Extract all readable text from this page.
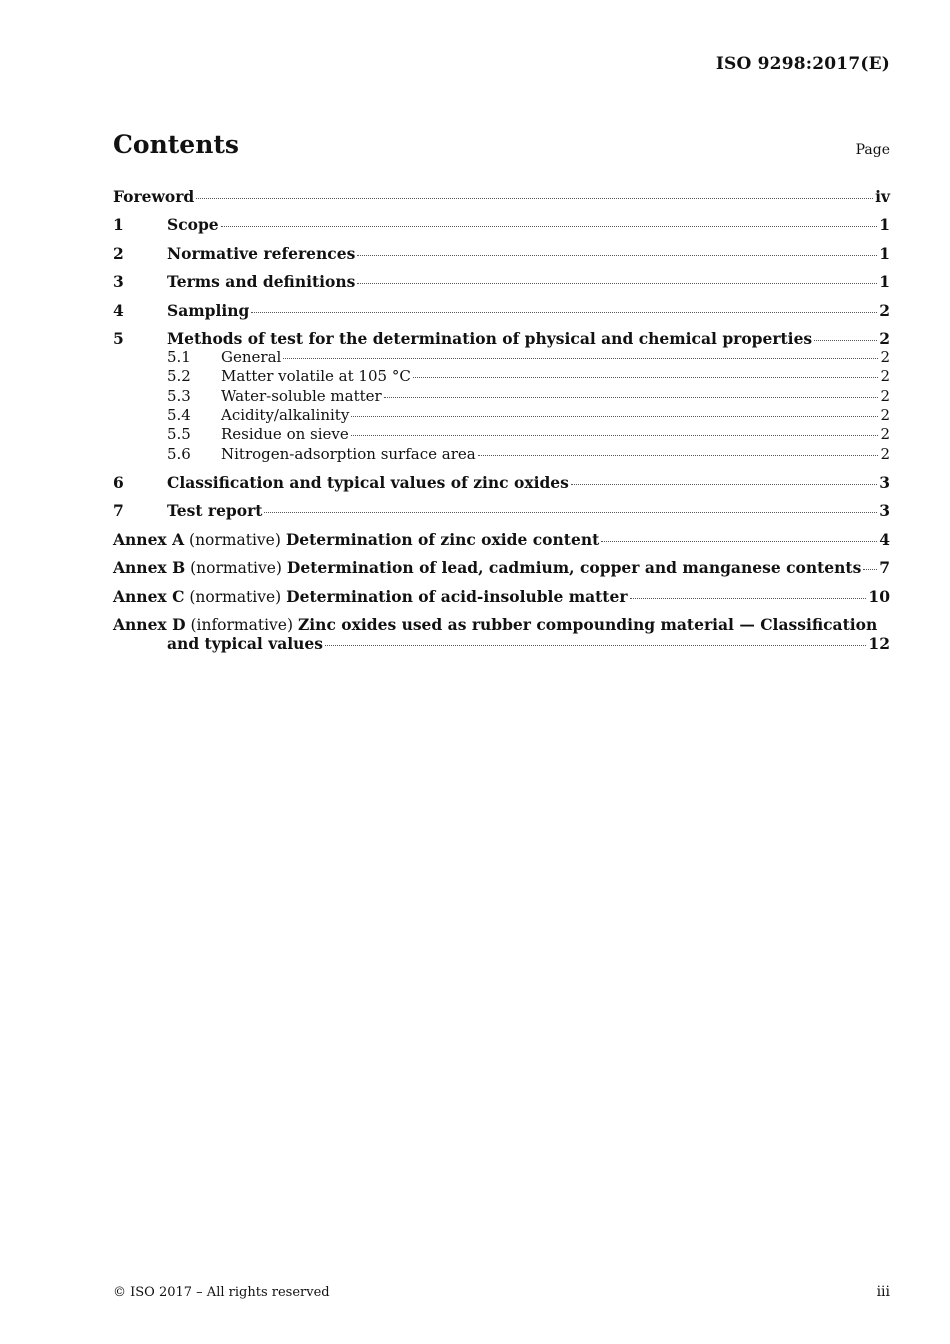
ISO 9298:2017(E)
Contents	Page
Foreword	iv
1	Scope	1
2	Normative references	1
3	Terms and definitions	1
4	Sampling	2
5	Methods of test for the determination of physical and chemical properties	2
5.1	General	2
5.2	Matter volatile at 105 °C	2
5.3	Water-soluble matter	2
5.4	Acidity/alkalinity	2
5.5	Residue on sieve	2
5.6	Nitrogen-adsorption surface area	2
6	Classification and typical values of zinc oxides	3
7	Test report	3
Annex A (normative) Determination of zinc oxide content	4
Annex B (normative) Determination of lead, cadmium, copper and manganese contents 7
Annex C (normative) Determination of acid-insoluble matter	10
Annex D (informative) Zinc oxides used as rubber compounding material — Classification
and typical values	12
© ISO 2017 – All rights reserved	iii
